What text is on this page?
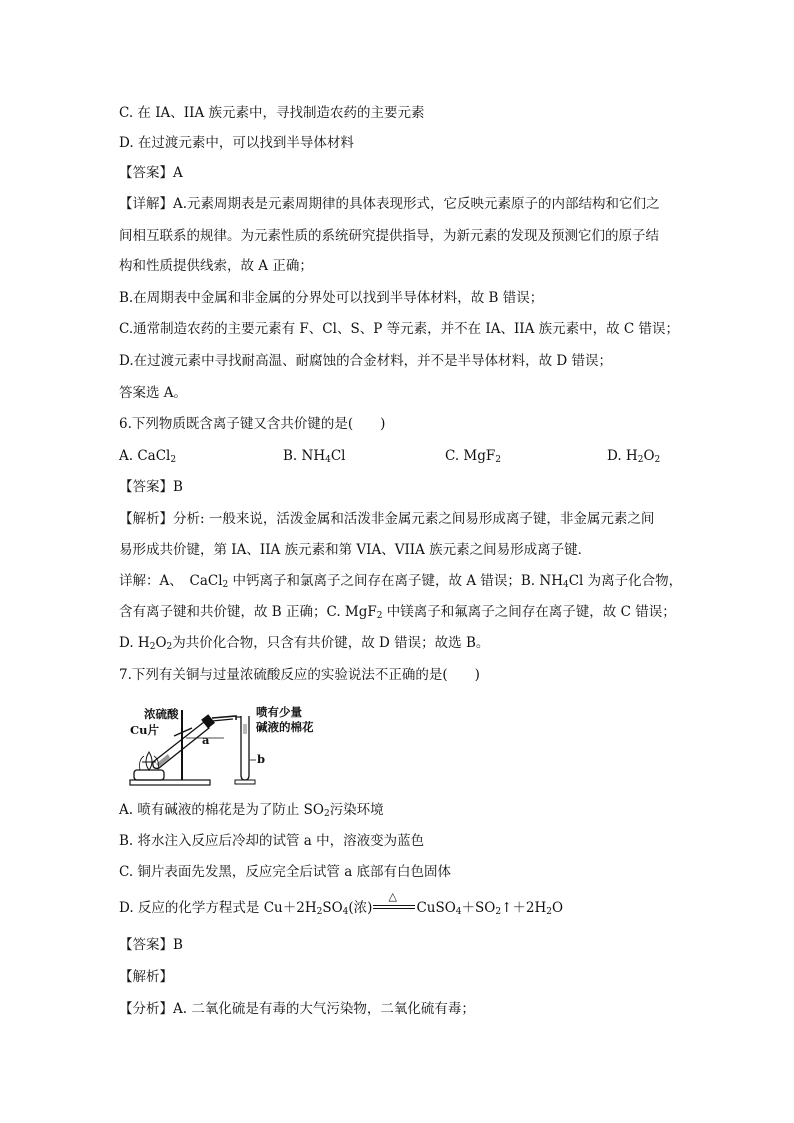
C. 在 IA、IIA 族元素中，寻找制造农药的主要元素
D. 在过渡元素中，可以找到半导体材料
【答案】A
【详解】A.元素周期表是元素周期律的具体表现形式，它反映元素原子的内部结构和它们之
间相互联系的规律。为元素性质的系统研究提供指导，为新元素的发现及预测它们的原子结
构和性质提供线索，故 A 正确；
B.在周期表中金属和非金属的分界处可以找到半导体材料，故 B 错误；
C.通常制造农药的主要元素有 F、Cl、S、P 等元素，并不在 IA、IIA 族元素中，故 C 错误；
D.在过渡元素中寻找耐高温、耐腐蚀的合金材料，并不是半导体材料，故 D 错误；
答案选 A。
6.下列物质既含离子键又含共价键的是(　　)
A. CaCl$_2$	B. $NH_4Cl$	C. MgF$_2$	D. $H_2O_2$
【答案】B
【解析】分析: 一般来说，活泼金属和活泼非金属元素之间易形成离子键，非金属元素之间
易形成共价键，第 IA、IIA 族元素和第 VIA、VIIA 族元素之间易形成离子键．
详解：A、　CaCl$_2$ 中钙离子和氯离子之间存在离子键，故 A 错误；B. $NH_4Cl$ 为离子化合物，
含有离子键和共价键，故 B 正确；C. MgF$_2$ 中镁离子和氟离子之间存在离子键，故 C 错误；
D. $H_2O_2$为共价化合物，只含有共价键，故 D 错误；故选 B。
7.下列有关铜与过量浓硫酸反应的实验说法不正确的是(　　)
浓硫酸
Cu片
a
喷有少量
碱液的棉花
b
A. 喷有碱液的棉花是为了防止 $SO_2$污染环境
B. 将水注入反应后冷却的试管 a 中，溶液变为蓝色
C. 铜片表面先发黑，反应完全后试管 a 底部有白色固体
D. 反应的化学方程式是 $Cu+2H_2SO_4$(浓)
△
$CuSO_4+SO_2↑+2H_2O$
【答案】B
【解析】
【分析】A. 二氧化硫是有毒的大气污染物，二氧化硫有毒；
